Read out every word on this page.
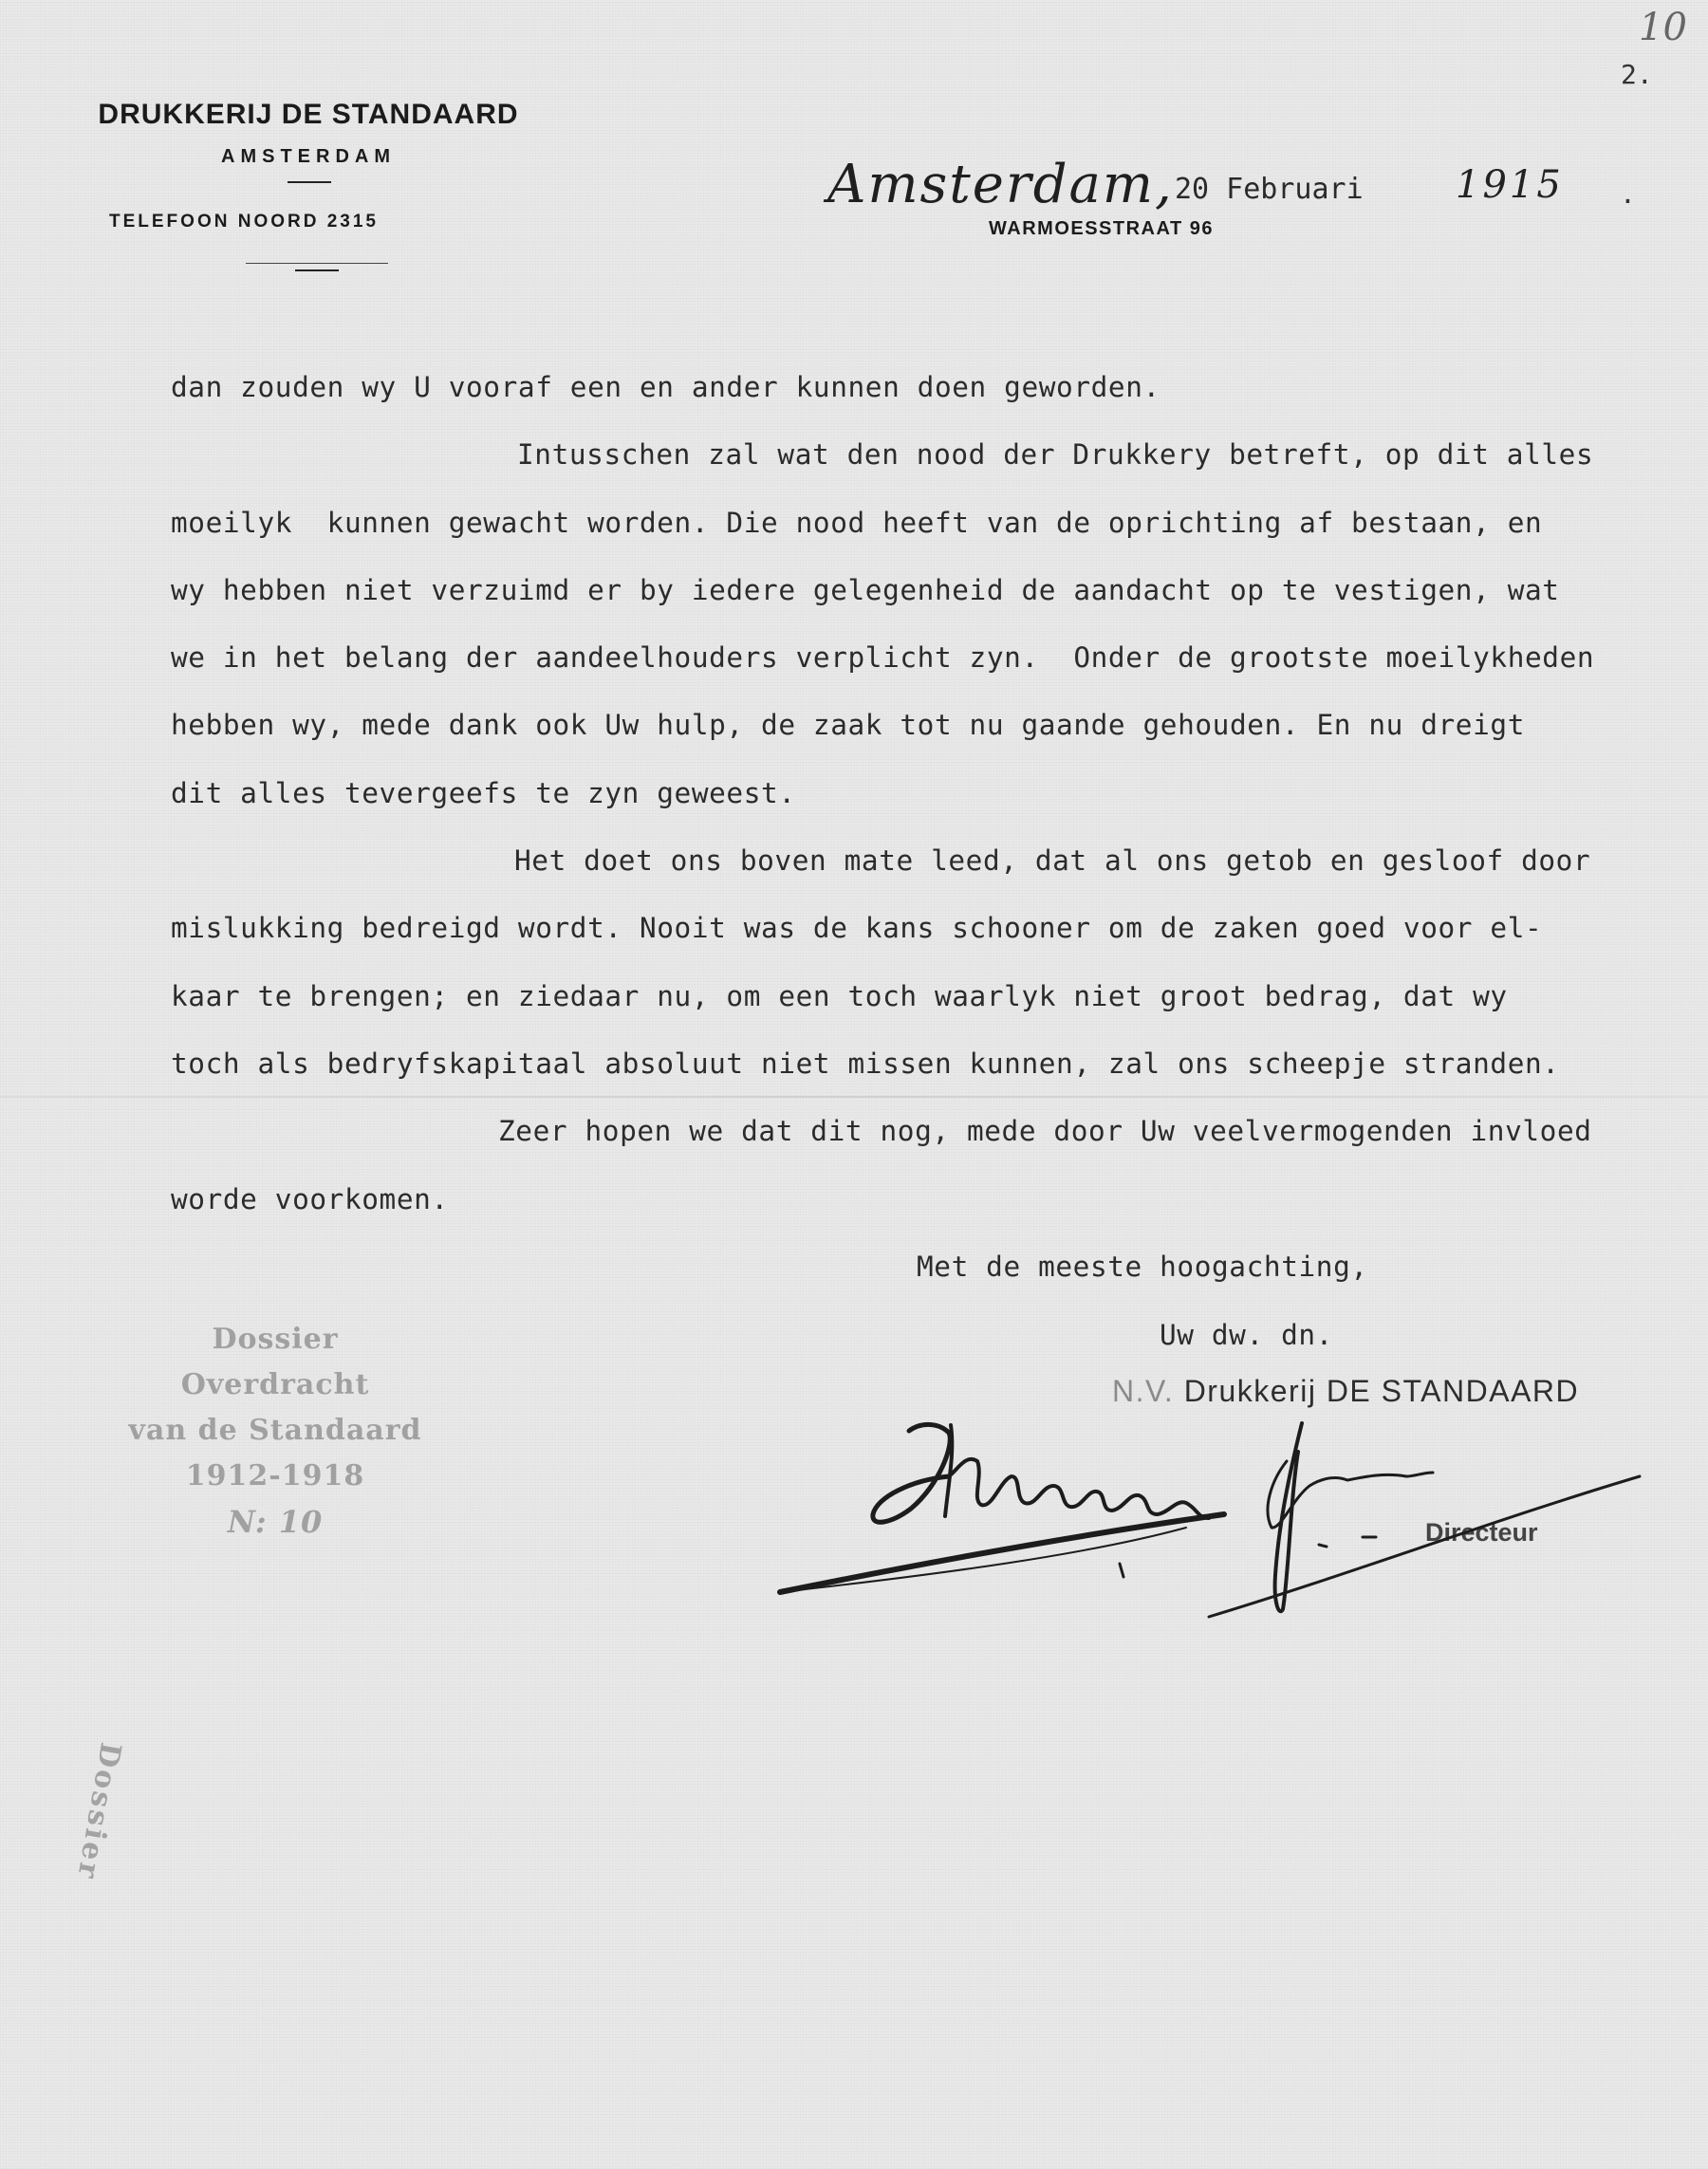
10
2.
DRUKKERIJ DE STANDAARD
AMSTERDAM
TELEFOON NOORD 2315
Amsterdam, 20 Februari 1915 .
WARMOESSTRAAT 96
dan zouden wy U vooraf een en ander kunnen doen geworden.
Intusschen zal wat den nood der Drukkery betreft, op dit alles
moeilyk  kunnen gewacht worden. Die nood heeft van de oprichting af bestaan, en
wy hebben niet verzuimd er by iedere gelegenheid de aandacht op te vestigen, wat
we in het belang der aandeelhouders verplicht zyn.  Onder de grootste moeilykheden
hebben wy, mede dank ook Uw hulp, de zaak tot nu gaande gehouden. En nu dreigt
dit alles tevergeefs te zyn geweest.
Het doet ons boven mate leed, dat al ons getob en gesloof door
mislukking bedreigd wordt. Nooit was de kans schooner om de zaken goed voor el-
kaar te brengen; en ziedaar nu, om een toch waarlyk niet groot bedrag, dat wy
toch als bedryfskapitaal absoluut niet missen kunnen, zal ons scheepje stranden.
Zeer hopen we dat dit nog, mede door Uw veelvermogenden invloed
worde voorkomen.
Met de meeste hoogachting,
Uw dw. dn.
N.V. Drukkerij DE STANDAARD
Directeur
Dossier
Overdracht
van de Standaard
1912-1918
N: 10
Dossier
